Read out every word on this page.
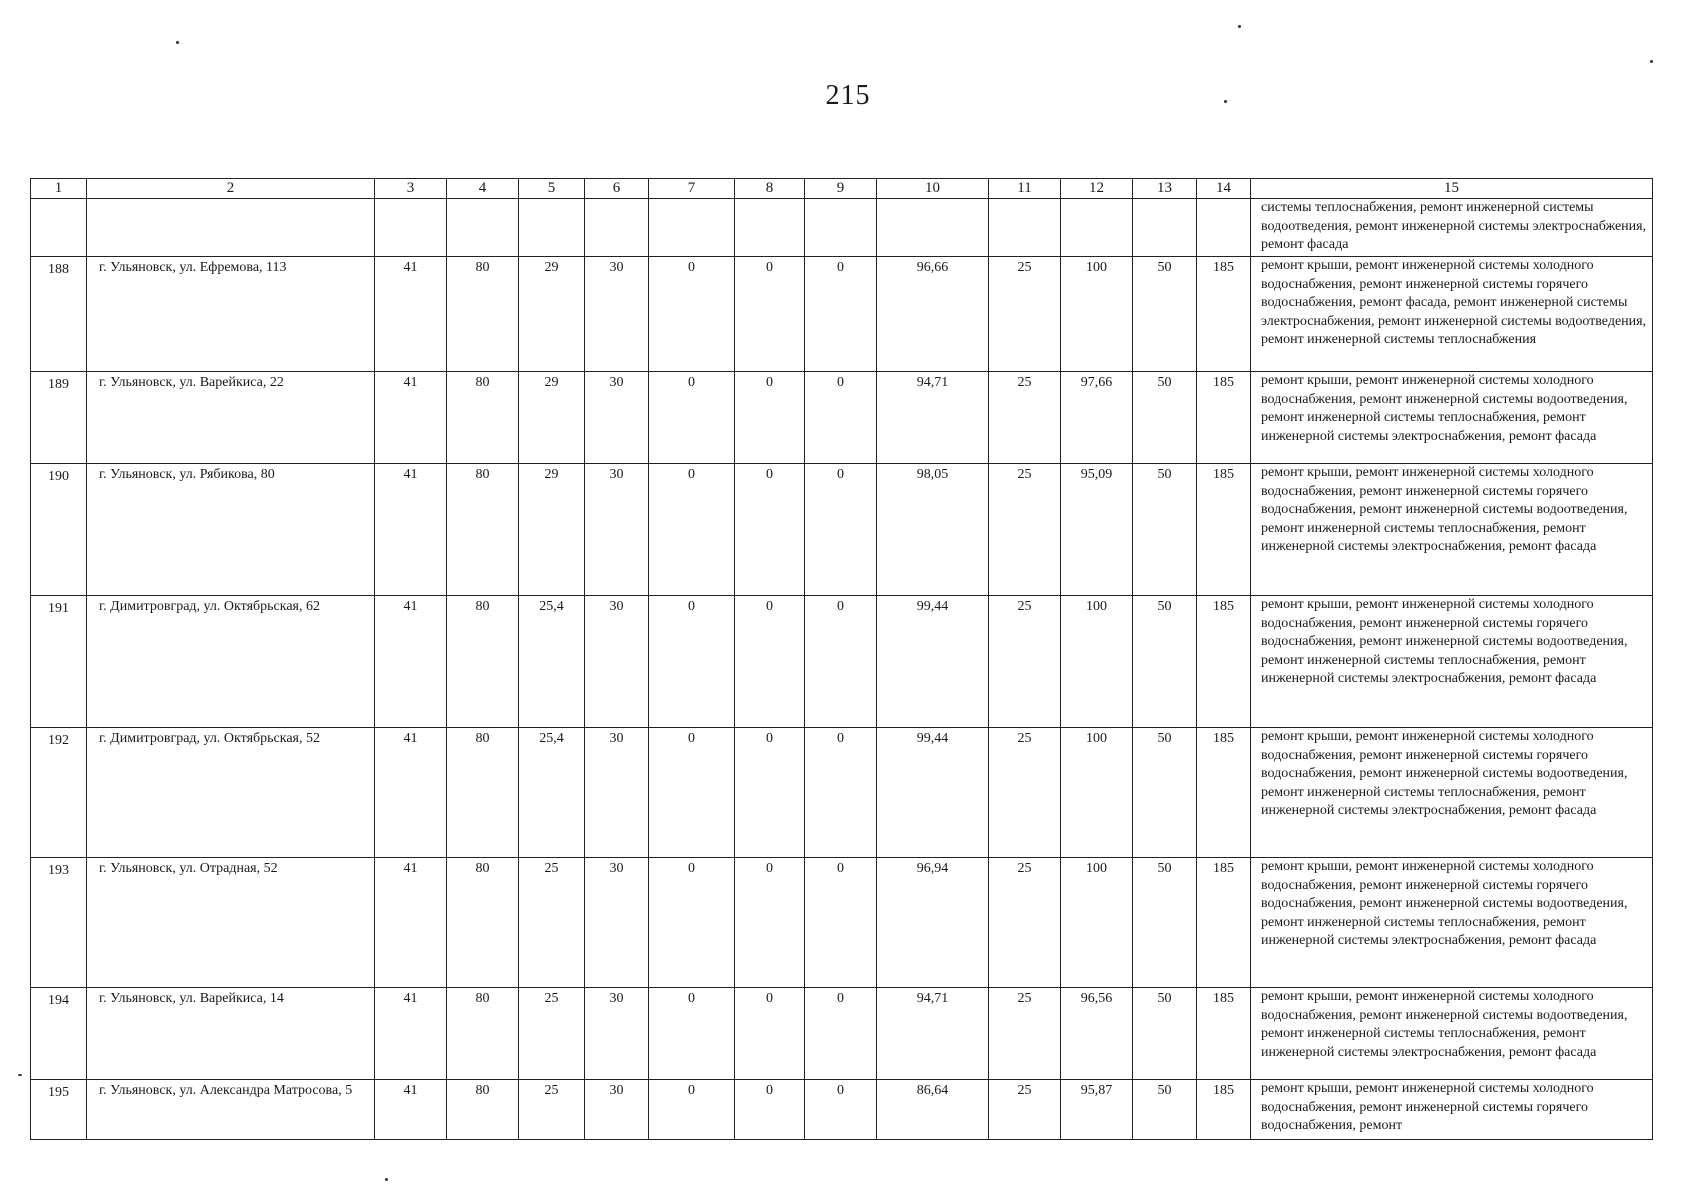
215
1	2	3	4	5	6	7	8	9	10	11	12	13	14	15
														системы теплоснабжения, ремонт инженерной системы водоотведения, ремонт инженерной системы электроснабжения, ремонт фасада
188	г. Ульяновск, ул. Ефремова, 113	41	80	29	30	0	0	0	96,66	25	100	50	185	ремонт крыши, ремонт инженерной системы холодного водоснабжения, ремонт инженерной системы горячего водоснабжения, ремонт фасада, ремонт инженерной системы электроснабжения, ремонт инженерной системы водоотведения, ремонт инженерной системы теплоснабжения
189	г. Ульяновск, ул. Варейкиса, 22	41	80	29	30	0	0	0	94,71	25	97,66	50	185	ремонт крыши, ремонт инженерной системы холодного водоснабжения, ремонт инженерной системы водоотведения, ремонт инженерной системы теплоснабжения, ремонт инженерной системы электроснабжения, ремонт фасада
190	г. Ульяновск, ул. Рябикова, 80	41	80	29	30	0	0	0	98,05	25	95,09	50	185	ремонт крыши, ремонт инженерной системы холодного водоснабжения, ремонт инженерной системы горячего водоснабжения, ремонт инженерной системы водоотведения, ремонт инженерной системы теплоснабжения, ремонт инженерной системы электроснабжения, ремонт фасада
191	г. Димитровград, ул. Октябрьская, 62	41	80	25,4	30	0	0	0	99,44	25	100	50	185	ремонт крыши, ремонт инженерной системы холодного водоснабжения, ремонт инженерной системы горячего водоснабжения, ремонт инженерной системы водоотведения, ремонт инженерной системы теплоснабжения, ремонт инженерной системы электроснабжения, ремонт фасада
192	г. Димитровград, ул. Октябрьская, 52	41	80	25,4	30	0	0	0	99,44	25	100	50	185	ремонт крыши, ремонт инженерной системы холодного водоснабжения, ремонт инженерной системы горячего водоснабжения, ремонт инженерной системы водоотведения, ремонт инженерной системы теплоснабжения, ремонт инженерной системы электроснабжения, ремонт фасада
193	г. Ульяновск, ул. Отрадная, 52	41	80	25	30	0	0	0	96,94	25	100	50	185	ремонт крыши, ремонт инженерной системы холодного водоснабжения, ремонт инженерной системы горячего водоснабжения, ремонт инженерной системы водоотведения, ремонт инженерной системы теплоснабжения, ремонт инженерной системы электроснабжения, ремонт фасада
194	г. Ульяновск, ул. Варейкиса, 14	41	80	25	30	0	0	0	94,71	25	96,56	50	185	ремонт крыши, ремонт инженерной системы холодного водоснабжения, ремонт инженерной системы водоотведения, ремонт инженерной системы теплоснабжения, ремонт инженерной системы электроснабжения, ремонт фасада
195	г. Ульяновск, ул. Александра Матросова, 5	41	80	25	30	0	0	0	86,64	25	95,87	50	185	ремонт крыши, ремонт инженерной системы холодного водоснабжения, ремонт инженерной системы горячего водоснабжения, ремонт
